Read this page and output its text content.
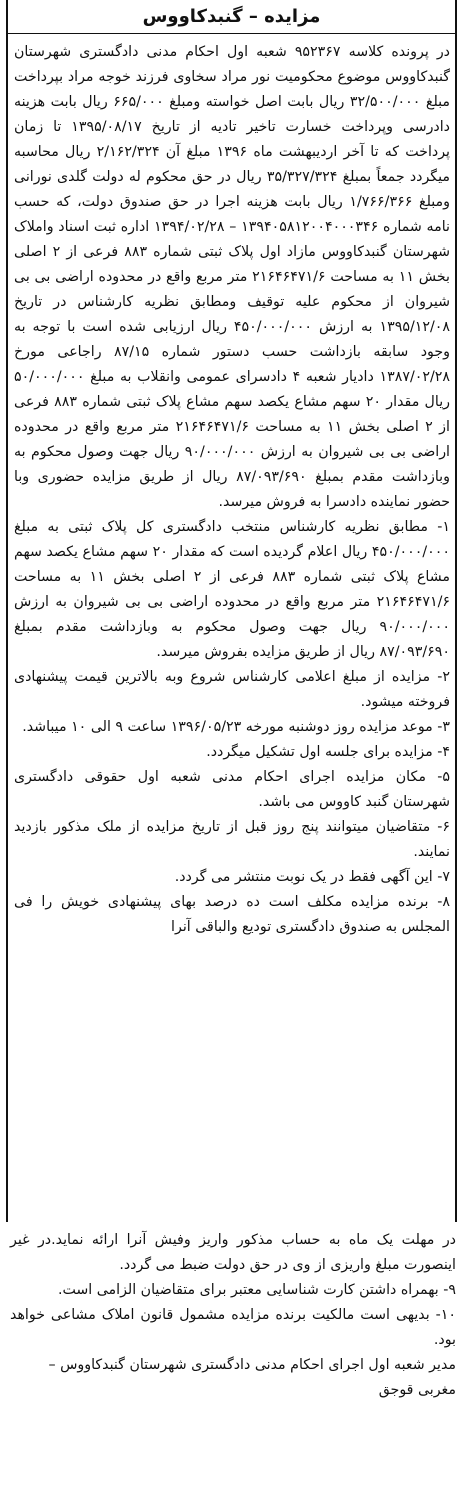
مزایده – گنبدکاووس

در پرونده کلاسه ۹۵۲۳۶۷ شعبه اول احکام مدنی دادگستری شهرستان گنبدکاووس موضوع محکومیت نور مراد سخاوی فرزند خوجه مراد بپرداخت مبلغ ۳۲/۵۰۰/۰۰۰ ریال بابت اصل خواسته ومبلغ ۶۶۵/۰۰۰ ریال بابت هزینه دادرسی وپرداخت خسارت تاخیر تادیه از تاریخ ۱۳۹۵/۰۸/۱۷ تا زمان پرداخت که تا آخر اردیبهشت ماه ۱۳۹۶ مبلغ آن ۲/۱۶۲/۳۲۴ ریال محاسبه میگردد جمعاً بمبلغ ۳۵/۳۲۷/۳۲۴ ریال در حق محکوم له دولت گلدی نورانی ومبلغ ۱/۷۶۶/۳۶۶ ریال بابت هزینه اجرا در حق صندوق دولت، که حسب نامه شماره ۱۳۹۴۰۵۸۱۲۰۰۴۰۰۰۳۴۶ – ۱۳۹۴/۰۲/۲۸ اداره ثبت اسناد واملاک شهرستان گنبدکاووس مازاد اول پلاک ثبتی شماره ۸۸۳ فرعی از ۲ اصلی بخش ۱۱ به مساحت ۲۱۶۴۶۴۷۱/۶ متر مربع واقع در محدوده اراضی بی بی شیروان از محکوم علیه توقیف ومطابق نظریه کارشناس در تاریخ ۱۳۹۵/۱۲/۰۸ به ارزش ۴۵۰/۰۰۰/۰۰۰ ریال ارزیابی شده است با توجه به وجود سابقه بازداشت حسب دستور شماره ۸۷/۱۵ راجاعی مورخ ۱۳۸۷/۰۲/۲۸ دادیار شعبه ۴ دادسرای عمومی وانقلاب به مبلغ ۵۰/۰۰۰/۰۰۰ ریال مقدار ۲۰ سهم مشاع یکصد سهم مشاع پلاک ثبتی شماره ۸۸۳ فرعی از ۲ اصلی بخش ۱۱ به مساحت ۲۱۶۴۶۴۷۱/۶ متر مربع واقع در محدوده اراضی بی بی شیروان به ارزش ۹۰/۰۰۰/۰۰۰ ریال جهت وصول محکوم به وبازداشت مقدم بمبلغ ۸۷/۰۹۳/۶۹۰ ریال از طریق مزایده حضوری وبا حضور نماینده دادسرا به فروش میرسد.

۱- مطابق نظریه کارشناس منتخب دادگستری کل پلاک ثبتی به مبلغ ۴۵۰/۰۰۰/۰۰۰ ریال اعلام گردیده است که مقدار ۲۰ سهم مشاع یکصد سهم مشاع پلاک ثبتی شماره ۸۸۳ فرعی از ۲ اصلی بخش ۱۱ به مساحت ۲۱۶۴۶۴۷۱/۶ متر مربع واقع در محدوده اراضی بی بی شیروان به ارزش ۹۰/۰۰۰/۰۰۰ ریال جهت وصول محکوم به وبازداشت مقدم بمبلغ ۸۷/۰۹۳/۶۹۰ ریال از طریق مزایده بفروش میرسد.

۲- مزایده از مبلغ اعلامی کارشناس شروع وبه بالاترین قیمت پیشنهادی فروخته میشود.

۳- موعد مزایده روز دوشنبه مورخه ۱۳۹۶/۰۵/۲۳ ساعت ۹ الی ۱۰ میباشد.

۴- مزایده برای جلسه اول تشکیل میگردد.

۵- مکان مزایده اجرای احکام مدنی شعبه اول حقوقی دادگستری شهرستان گنبد کاووس می باشد.

۶- متقاضیان میتوانند پنج روز قبل از تاریخ مزایده از ملک مذکور بازدید نمایند.

۷- این آگهی فقط در یک نوبت منتشر می گردد.

۸- برنده مزایده مکلف است ده درصد بهای پیشنهادی خویش را فی المجلس به صندوق دادگستری تودیع والباقی آنرا

در مهلت یک ماه به حساب مذکور واریز وفیش آنرا ارائه نماید.در غیر اینصورت مبلغ واریزی از وی در حق دولت ضبط می گردد.

۹- بهمراه داشتن کارت شناسایی معتبر برای متقاضیان الزامی است.

۱۰- بدیهی است مالکیت برنده مزایده مشمول قانون املاک مشاعی خواهد بود.

مدیر شعبه اول اجرای احکام مدنی دادگستری شهرستان گنبدکاووس – مغربی قوجق
